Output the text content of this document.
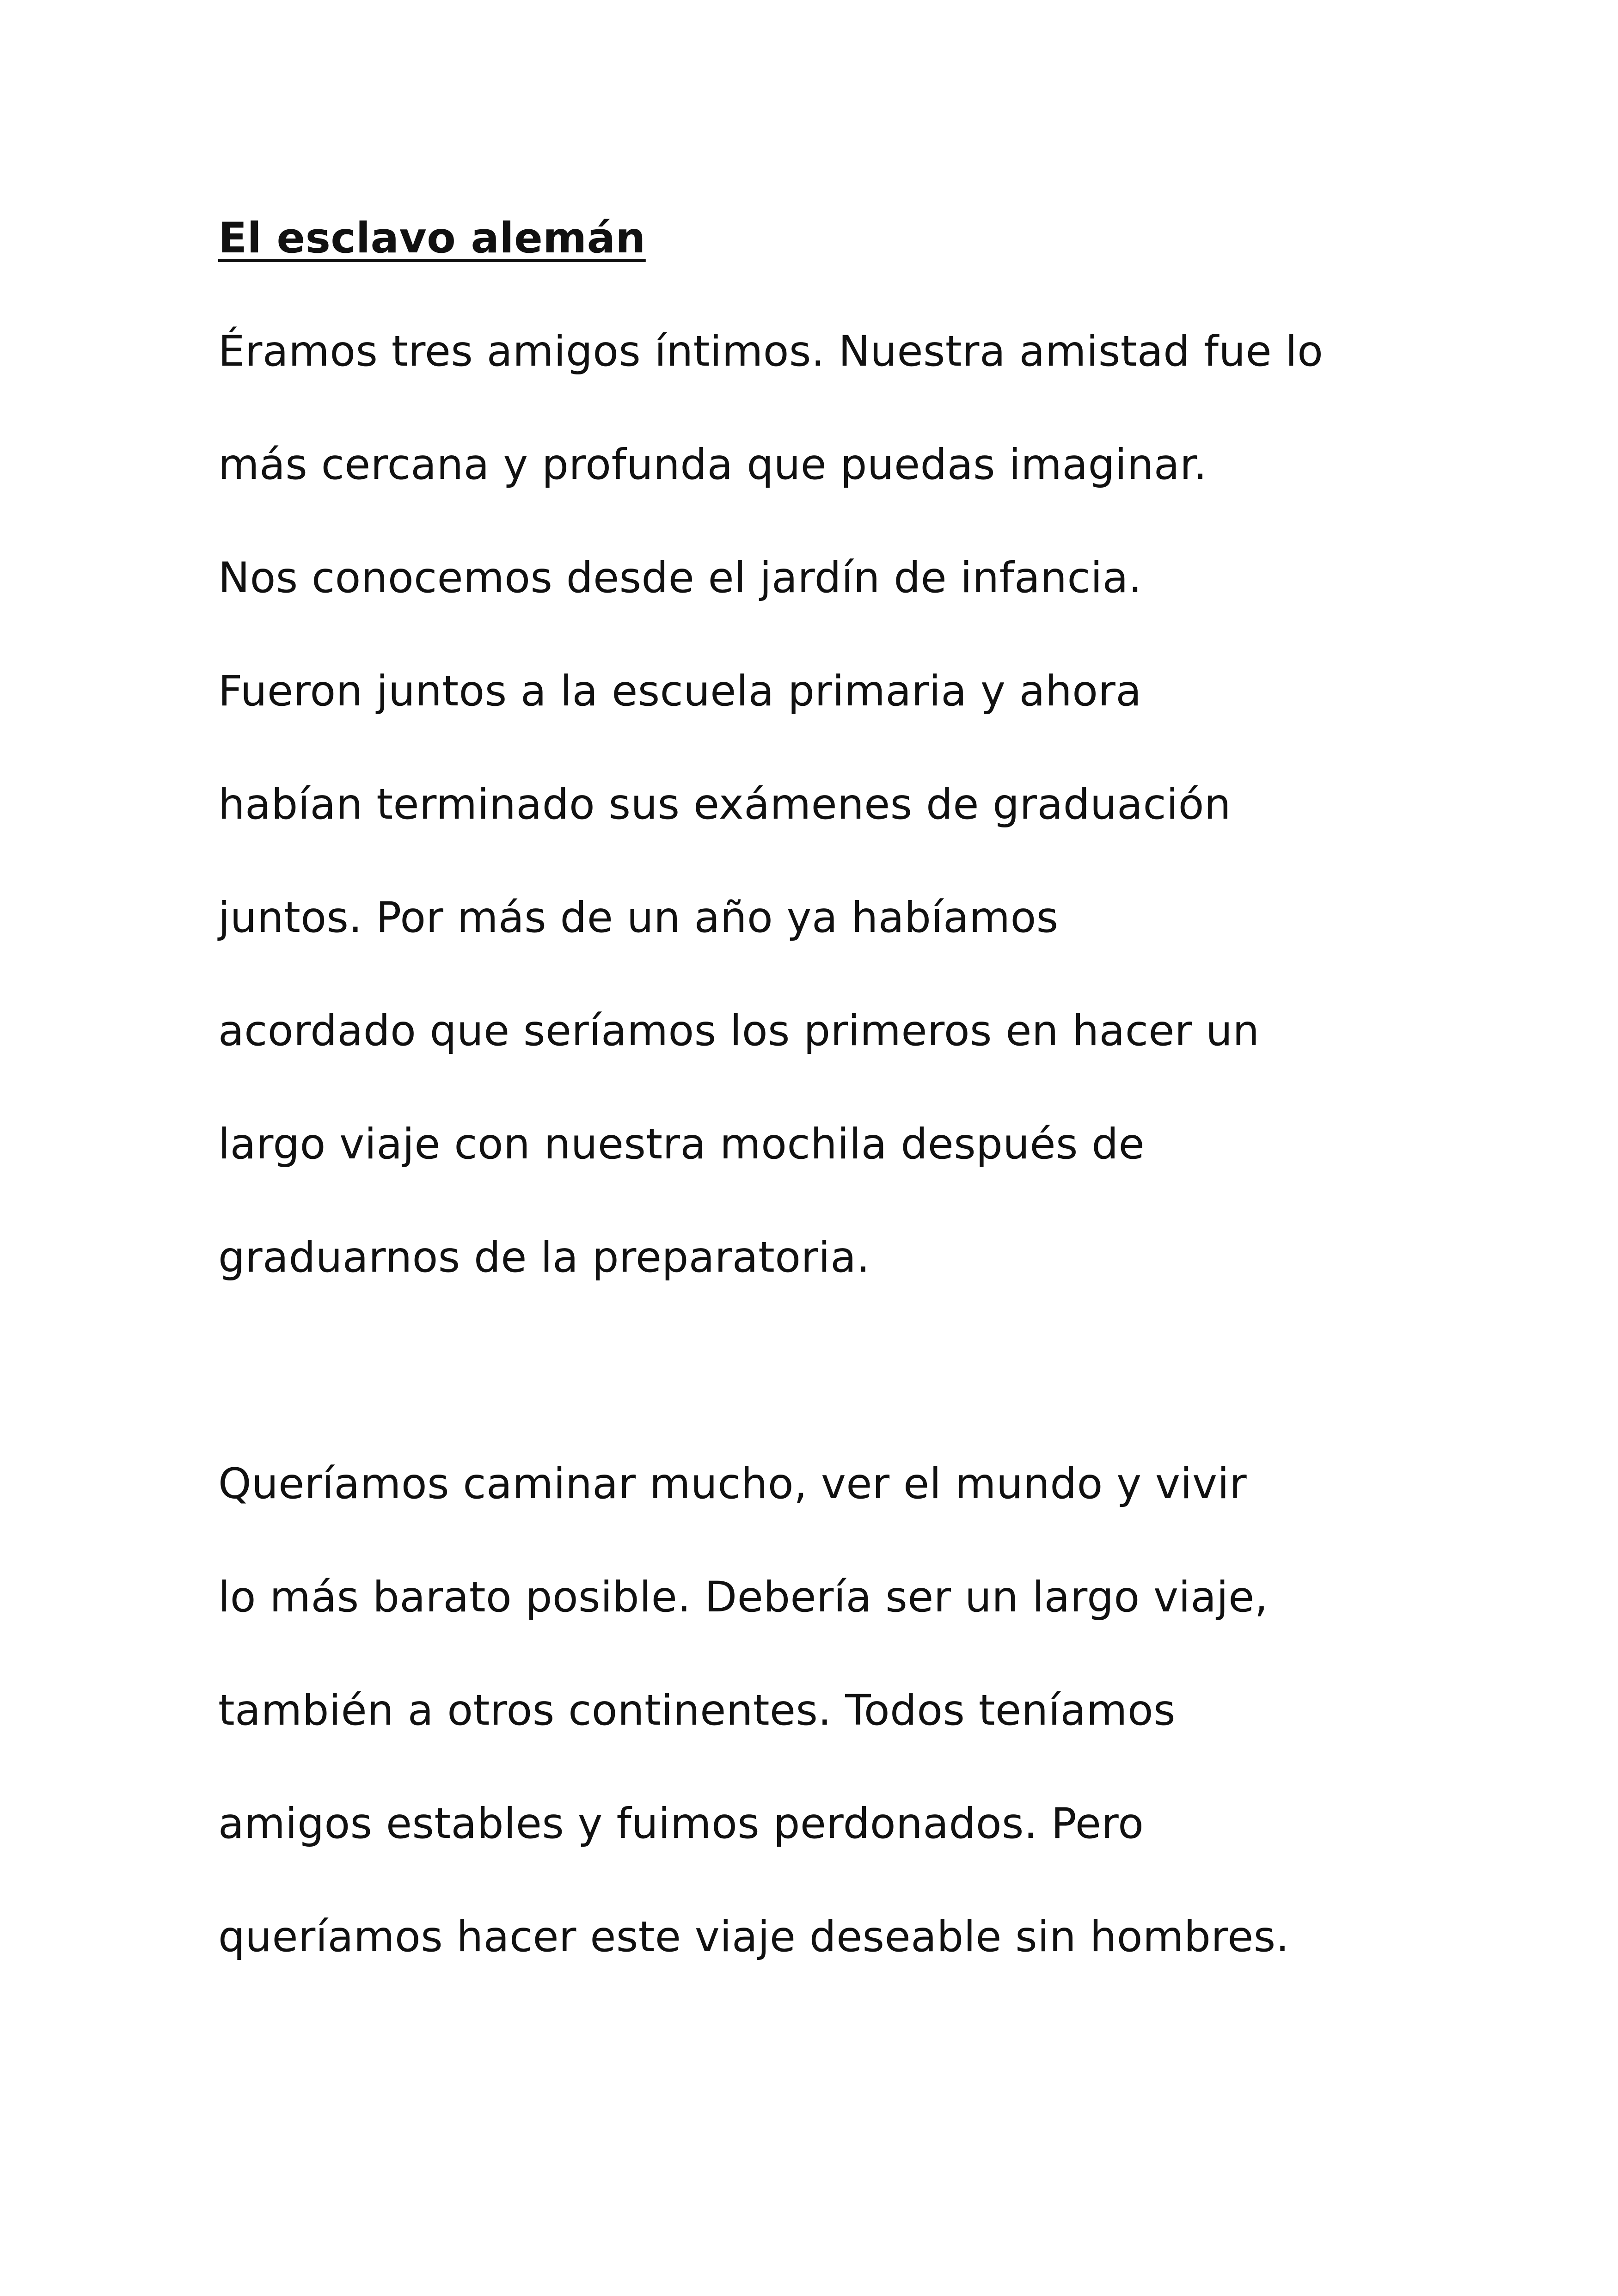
El esclavo alemán
Éramos tres amigos íntimos. Nuestra amistad fue lo
más cercana y profunda que puedas imaginar.
Nos conocemos desde el jardín de infancia.
Fueron juntos a la escuela primaria y ahora
habían terminado sus exámenes de graduación
juntos. Por más de un año ya habíamos
acordado que seríamos los primeros en hacer un
largo viaje con nuestra mochila después de
graduarnos de la preparatoria.
Queríamos caminar mucho, ver el mundo y vivir
lo más barato posible. Debería ser un largo viaje,
también a otros continentes. Todos teníamos
amigos estables y fuimos perdonados. Pero
queríamos hacer este viaje deseable sin hombres.
